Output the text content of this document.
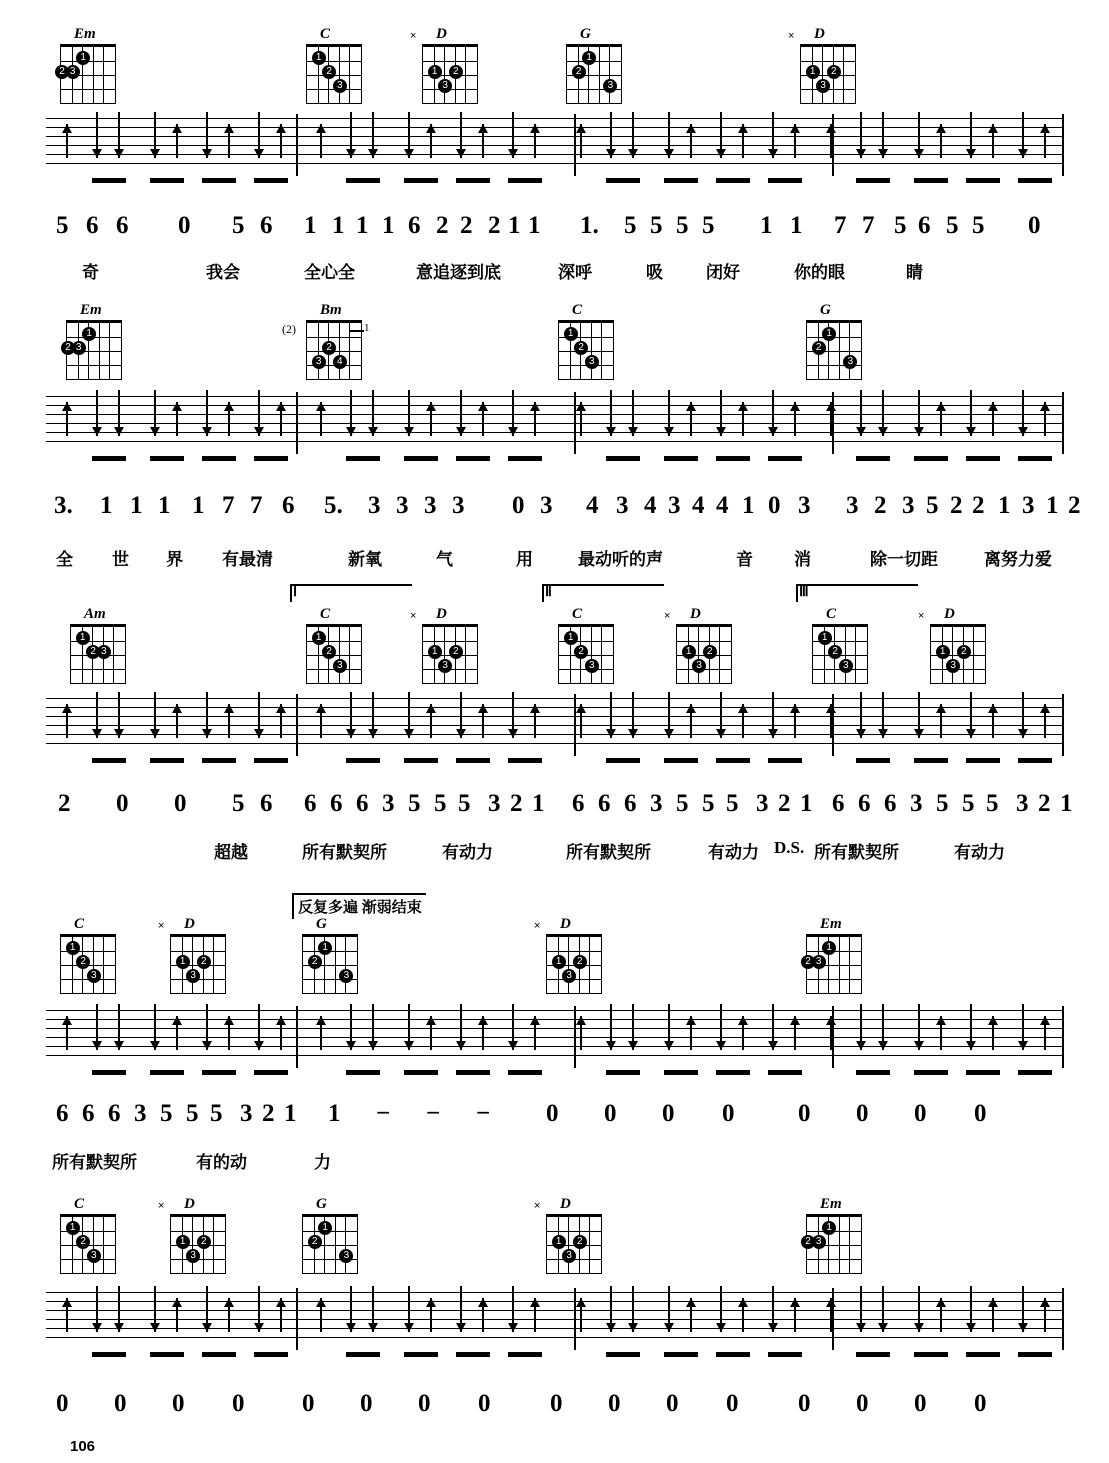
Em
2 3
1
C
1
2
3
D
×
1	2
3
G
2
1
3
D
×
1	2
3
5 6 6 0 5 6 1 1 1 1 6 2 2 2 1 1 1. 5 5 5 5 1 1 7 7 5 6 5 5 0
奇	我会	全心全	意追逐到底	深呼	吸	闭好	你的眼	睛
Em
2 3
1
Bm
(2)	1
2
3	4
C
1
2
3
G
2
1
3
3. 1 1 1 1 7 7 6 5. 3 3 3 3 0 3 4 3 4 3 4 4 1 0 3 3 2 3 5 2 2 1 3 1 2
全 世 界 有最清	新氧	气	用	最动听的声	音 消	除一切距	离努力爱
Am
1
2 3
C
1
2
3
D
×
1	2
3
C
1
2
3
D
×
1	2
3
C
1
2
3
D
×
1	2
3
2 0 0 5 6 6 6 6 3 5 5 5 3 2 1 6 6 6 3 5 5 5 3 2 1 6 6 6 3 5 5 5 3 2 1
超越	所有默契所	有动力	所有默契所	有动力 D.S. 所有默契所	有动力
Ⅰ	Ⅱ	Ⅲ
C
1
2
3
D
×
1	2
3
G
2
1
3
D
×
1	2
3
Em
2 3
1
6 6 6 3 5 5 5 3 2 1 1 − − − 0 0 0 0	0 0 0 0
所有默契所	有的动	力
C
1
2
3
D
×
1	2
3
G
2
1
3
D
×
1	2
3
Em
2 3
1
0 0 0 0 0 0 0 0 0 0 0 0 0 0 0 0
106
反复多遍 渐弱结束
